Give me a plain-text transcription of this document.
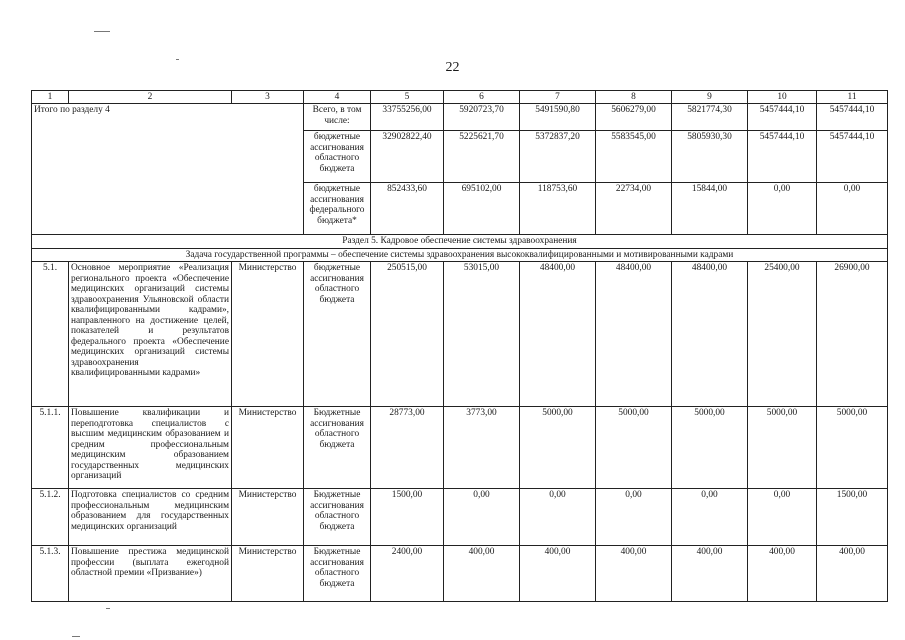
22
1	2	3	4	5	6	7	8	9	10	11
Итого по разделу 4			Всего, в том числе:	33755256,00	5920723,70	5491590,80	5606279,00	5821774,30	5457444,10	5457444,10
			бюджетные ассигнования областного бюджета	32902822,40	5225621,70	5372837,20	5583545,00	5805930,30	5457444,10	5457444,10
			бюджетные ассигнования федерального бюджета*	852433,60	695102,00	118753,60	22734,00	15844,00	0,00	0,00
Раздел 5. Кадровое обеспечение системы здравоохранения										
Задача государственной программы – обеспечение системы здравоохранения высококвалифицированными и мотивированными кадрами										
5.1.	Основное мероприятие «Реализация регионального проекта «Обеспечение медицинских организаций системы здравоохранения Ульяновской области квалифицированными кадрами», направленного на достижение целей, показателей и результатов федерального проекта «Обеспечение медицинских организаций системы здравоохранения квалифицированными кадрами»	Министерство	бюджетные ассигнования областного бюджета	250515,00	53015,00	48400,00	48400,00	48400,00	25400,00	26900,00
5.1.1.	Повышение квалификации и переподготовка специалистов с высшим медицинским образованием и средним профессиональным медицинским образованием государственных медицинских организаций	Министерство	Бюджетные ассигнования областного бюджета	28773,00	3773,00	5000,00	5000,00	5000,00	5000,00	5000,00
5.1.2.	Подготовка специалистов со средним профессиональным медицинским образованием для государственных медицинских организаций	Министерство	Бюджетные ассигнования областного бюджета	1500,00	0,00	0,00	0,00	0,00	0,00	1500,00
5.1.3.	Повышение престижа медицинской профессии (выплата ежегодной областной премии «Призвание»)	Министерство	Бюджетные ассигнования областного бюджета	2400,00	400,00	400,00	400,00	400,00	400,00	400,00
